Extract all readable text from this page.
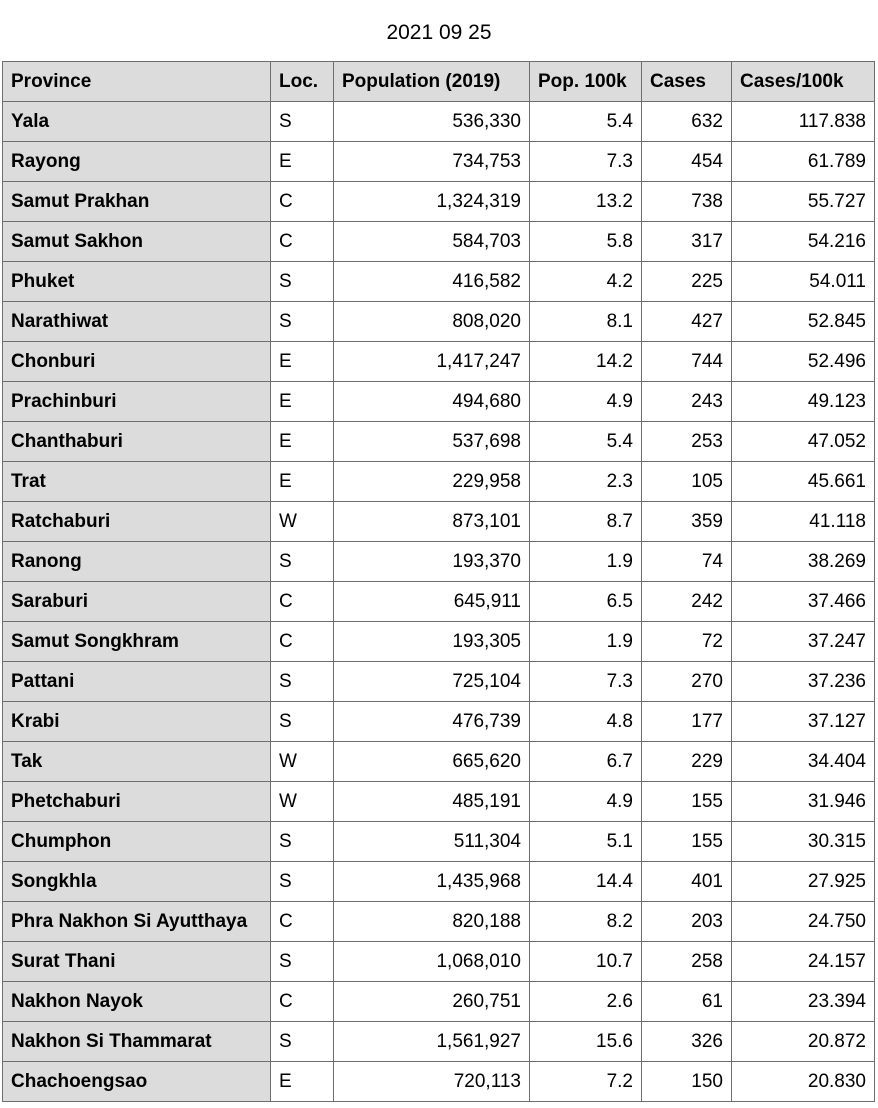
2021 09 25
Province	Loc.	Population (2019)	Pop. 100k	Cases	Cases/100k
Yala	S	536,330	5.4	632	117.838
Rayong	E	734,753	7.3	454	61.789
Samut Prakhan	C	1,324,319	13.2	738	55.727
Samut Sakhon	C	584,703	5.8	317	54.216
Phuket	S	416,582	4.2	225	54.011
Narathiwat	S	808,020	8.1	427	52.845
Chonburi	E	1,417,247	14.2	744	52.496
Prachinburi	E	494,680	4.9	243	49.123
Chanthaburi	E	537,698	5.4	253	47.052
Trat	E	229,958	2.3	105	45.661
Ratchaburi	W	873,101	8.7	359	41.118
Ranong	S	193,370	1.9	74	38.269
Saraburi	C	645,911	6.5	242	37.466
Samut Songkhram	C	193,305	1.9	72	37.247
Pattani	S	725,104	7.3	270	37.236
Krabi	S	476,739	4.8	177	37.127
Tak	W	665,620	6.7	229	34.404
Phetchaburi	W	485,191	4.9	155	31.946
Chumphon	S	511,304	5.1	155	30.315
Songkhla	S	1,435,968	14.4	401	27.925
Phra Nakhon Si Ayutthaya	C	820,188	8.2	203	24.750
Surat Thani	S	1,068,010	10.7	258	24.157
Nakhon Nayok	C	260,751	2.6	61	23.394
Nakhon Si Thammarat	S	1,561,927	15.6	326	20.872
Chachoengsao	E	720,113	7.2	150	20.830
